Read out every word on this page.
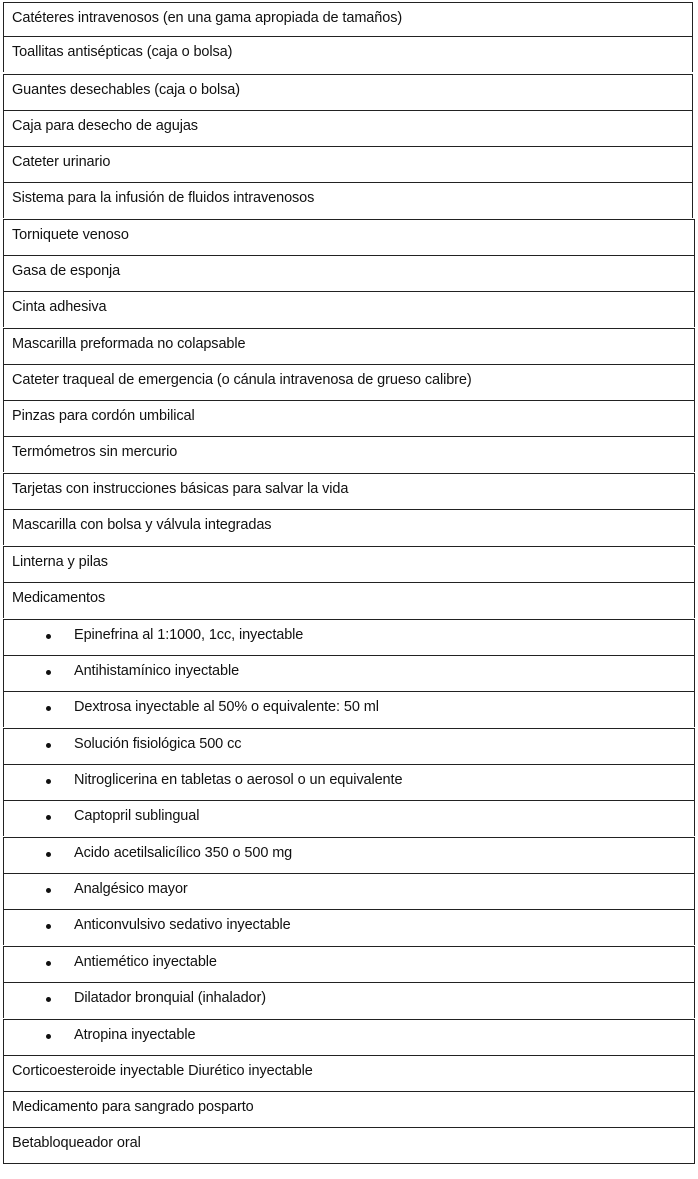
Catéteres intravenosos (en una gama apropiada de tamaños)
Toallitas antisépticas (caja o bolsa)
Guantes desechables (caja o bolsa)
Caja para desecho de agujas
Cateter urinario
Sistema para la infusión de fluidos intravenosos
Torniquete venoso
Gasa de esponja
Cinta adhesiva
Mascarilla preformada no colapsable
Cateter traqueal de emergencia (o cánula intravenosa de grueso calibre)
Pinzas para cordón umbilical
Termómetros sin mercurio
Tarjetas con instrucciones básicas para salvar la vida
Mascarilla con bolsa y válvula integradas
Linterna y pilas
Medicamentos
Epinefrina al 1:1000, 1cc, inyectable
Antihistamínico inyectable
Dextrosa inyectable al 50% o equivalente: 50 ml
Solución fisiológica 500 cc
Nitroglicerina en tabletas o aerosol o un equivalente
Captopril sublingual
Acido acetilsalicílico 350 o 500 mg
Analgésico mayor
Anticonvulsivo sedativo inyectable
Antiemético inyectable
Dilatador bronquial (inhalador)
Atropina inyectable
Corticoesteroide inyectable Diurético inyectable
Medicamento para sangrado posparto
Betabloqueador oral
